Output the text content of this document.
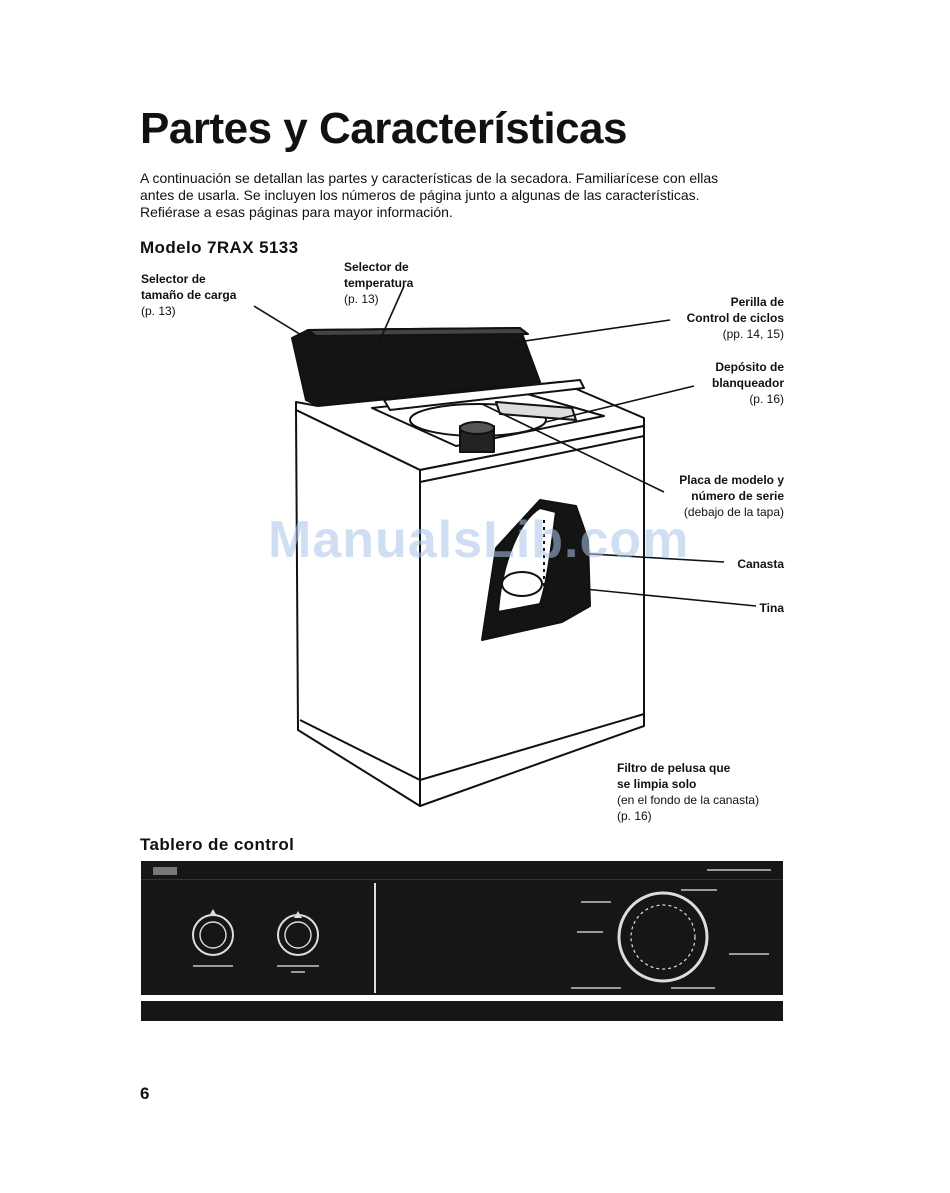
Partes y Características
A continuación se detallan las partes y características de la secadora. Familiarícese con ellas
antes de usarla. Se incluyen los números de página junto a algunas de las características.
Refiérase a esas páginas para mayor información.
Modelo 7RAX 5133
Selector de
tamaño de carga
(p. 13)
Selector de
temperatura
(p. 13)	Perilla de
Control de ciclos
(pp. 14, 15)
Depósito de
blanqueador
(p. 16)
Placa de modelo y
número de serie
(debajo de la tapa)
Canasta
Tina
Filtro de pelusa que
se limpia solo
(en el fondo de la canasta)
(p. 16)
ManualsLib.com
Tablero de control
6
